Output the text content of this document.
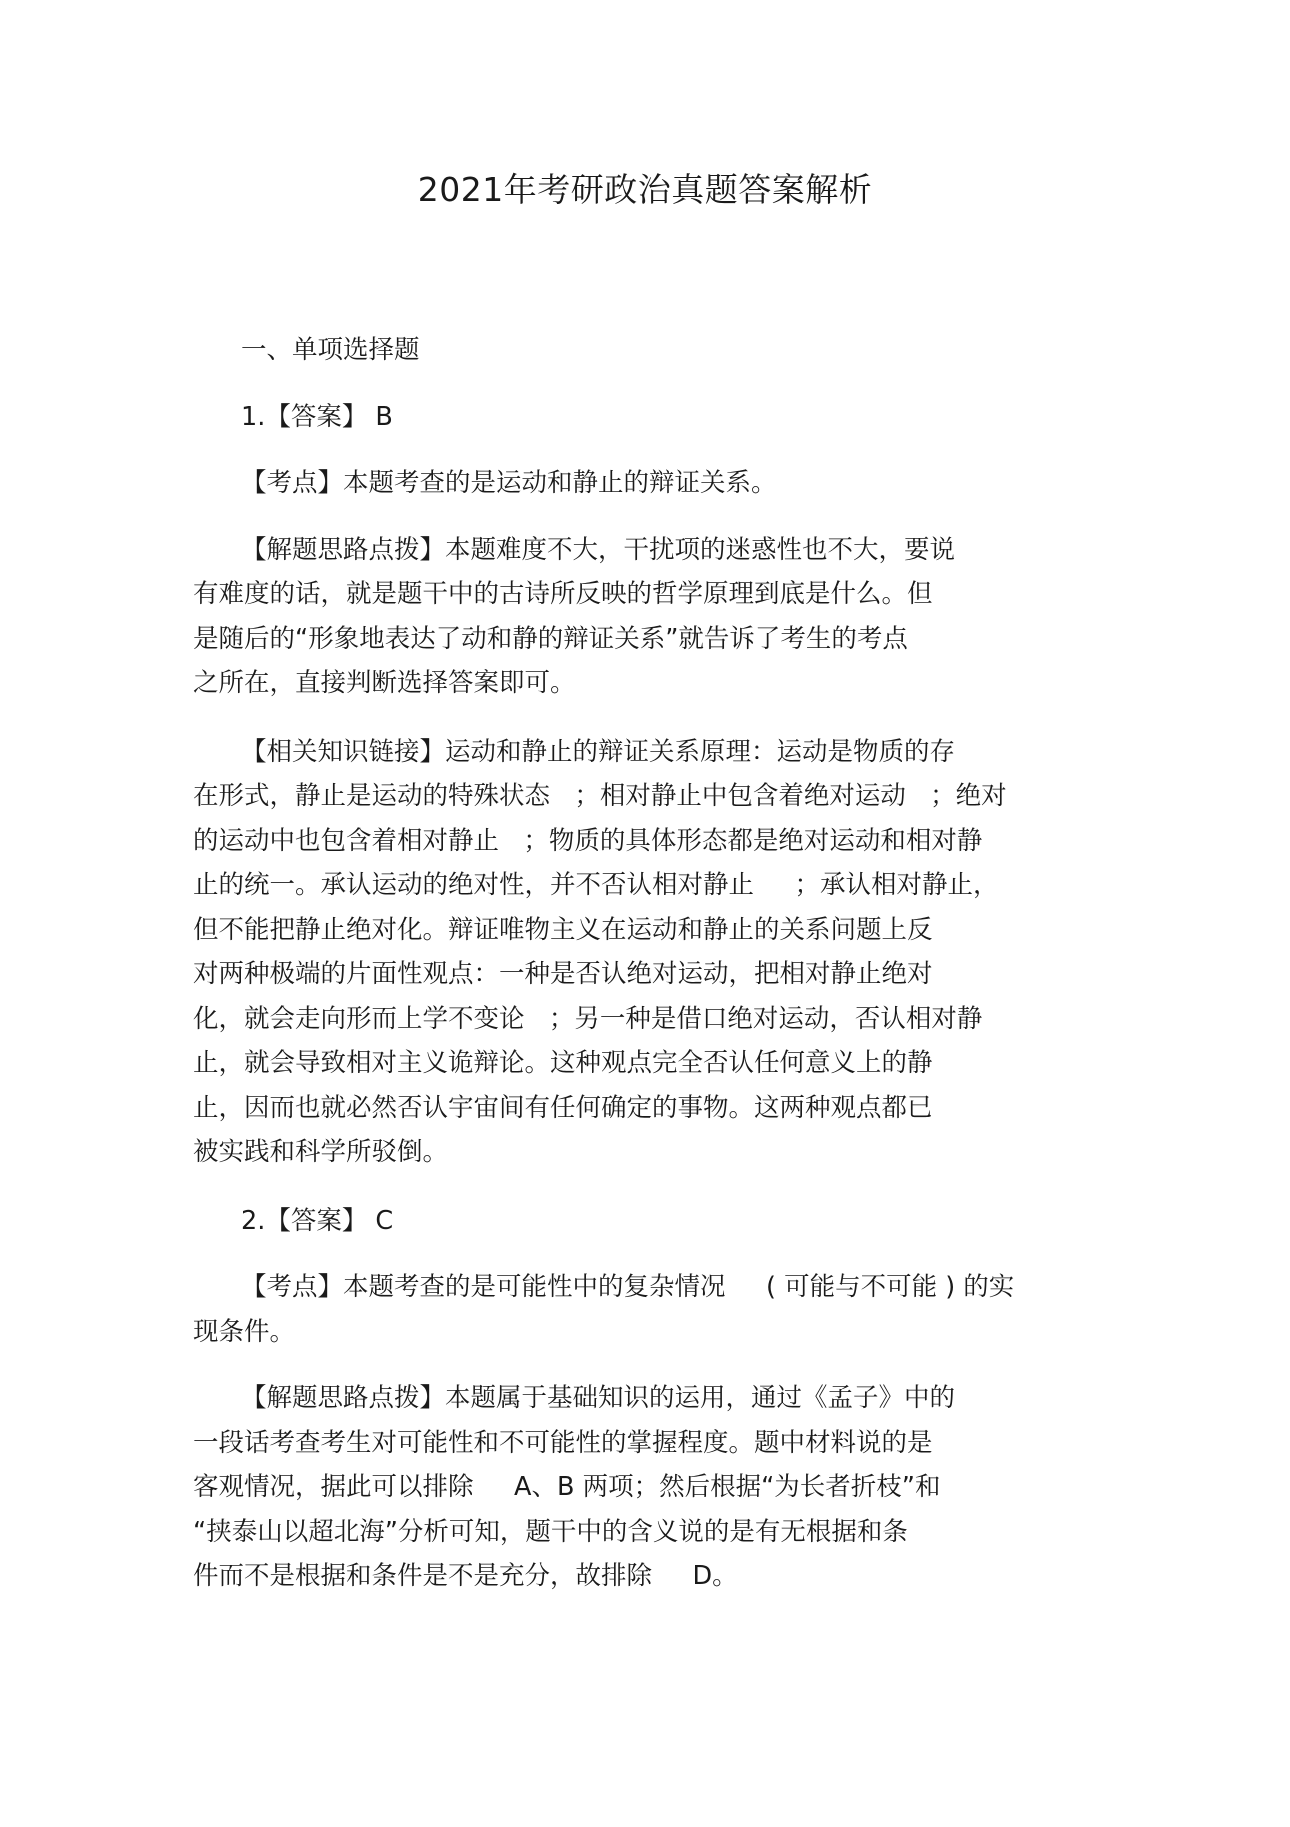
2021年考研政治真题答案解析

一、单项选择题

1.【答案】 B

【考点】本题考查的是运动和静止的辩证关系。

【解题思路点拨】本题难度不大，干扰项的迷惑性也不大，要说

有难度的话，就是题干中的古诗所反映的哲学原理到底是什么。但

是随后的“形象地表达了动和静的辩证关系”就告诉了考生的考点

之所在，直接判断选择答案即可。

【相关知识链接】运动和静止的辩证关系原理：运动是物质的存

在形式，静止是运动的特殊状态   ；相对静止中包含着绝对运动   ；绝对

的运动中也包含着相对静止   ；物质的具体形态都是绝对运动和相对静

止的统一。承认运动的绝对性，并不否认相对静止     ；承认相对静止，

但不能把静止绝对化。辩证唯物主义在运动和静止的关系问题上反

对两种极端的片面性观点：一种是否认绝对运动，把相对静止绝对

化，就会走向形而上学不变论   ；另一种是借口绝对运动，否认相对静

止，就会导致相对主义诡辩论。这种观点完全否认任何意义上的静

止，因而也就必然否认宇宙间有任何确定的事物。这两种观点都已

被实践和科学所驳倒。

2.【答案】 C

【考点】本题考查的是可能性中的复杂情况     ( 可能与不可能 ) 的实

现条件。

【解题思路点拨】本题属于基础知识的运用，通过《孟子》中的

一段话考查考生对可能性和不可能性的掌握程度。题中材料说的是

客观情况，据此可以排除     A、B 两项；然后根据“为长者折枝”和

“挟泰山以超北海”分析可知，题干中的含义说的是有无根据和条

件而不是根据和条件是不是充分，故排除     D。
